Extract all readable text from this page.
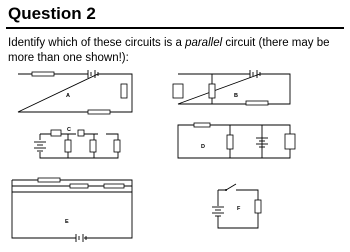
Question 2
Identify which of these circuits is a parallel circuit (there may be more than one shown!):
A	B
C
D
E
F
